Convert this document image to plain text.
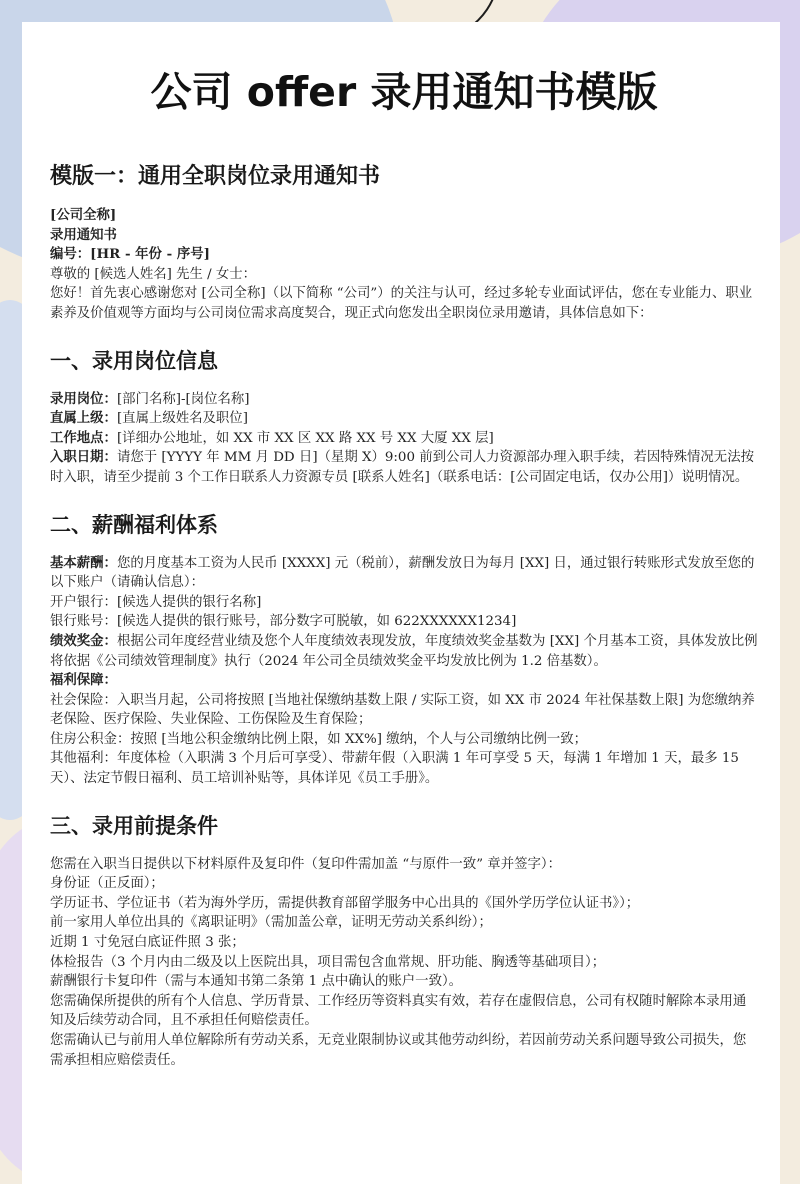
公司 offer 录用通知书模版
模版一：通用全职岗位录用通知书

[公司全称]

录用通知书

编号：[HR - 年份 - 序号]

尊敬的 [候选人姓名] 先生 / 女士：

您好！首先衷心感谢您对 [公司全称]（以下简称 “公司”）的关注与认可，经过多轮专业面试评估，您在专业能力、职业素养及价值观等方面均与公司岗位需求高度契合，现正式向您发出全职岗位录用邀请，具体信息如下：

一、录用岗位信息

录用岗位：[部门名称]-[岗位名称]

直属上级：[直属上级姓名及职位]

工作地点：[详细办公地址，如 XX 市 XX 区 XX 路 XX 号 XX 大厦 XX 层]

入职日期：请您于 [YYYY 年 MM 月 DD 日]（星期 X）9:00 前到公司人力资源部办理入职手续，若因特殊情况无法按时入职，请至少提前 3 个工作日联系人力资源专员 [联系人姓名]（联系电话：[公司固定电话，仅办公用]）说明情况。

二、薪酬福利体系

基本薪酬：您的月度基本工资为人民币 [XXXX] 元（税前），薪酬发放日为每月 [XX] 日，通过银行转账形式发放至您的以下账户（请确认信息）：

开户银行：[候选人提供的银行名称]

银行账号：[候选人提供的银行账号，部分数字可脱敏，如 622XXXXXX1234]

绩效奖金：根据公司年度经营业绩及您个人年度绩效表现发放，年度绩效奖金基数为 [XX] 个月基本工资，具体发放比例将依据《公司绩效管理制度》执行（2024 年公司全员绩效奖金平均发放比例为 1.2 倍基数）。

福利保障：

社会保险：入职当月起，公司将按照 [当地社保缴纳基数上限 / 实际工资，如 XX 市 2024 年社保基数上限] 为您缴纳养老保险、医疗保险、失业保险、工伤保险及生育保险；

住房公积金：按照 [当地公积金缴纳比例上限，如 XX%] 缴纳，个人与公司缴纳比例一致；

其他福利：年度体检（入职满 3 个月后可享受）、带薪年假（入职满 1 年可享受 5 天，每满 1 年增加 1 天，最多 15 天）、法定节假日福利、员工培训补贴等，具体详见《员工手册》。

三、录用前提条件

您需在入职当日提供以下材料原件及复印件（复印件需加盖 “与原件一致” 章并签字）：

身份证（正反面）；

学历证书、学位证书（若为海外学历，需提供教育部留学服务中心出具的《国外学历学位认证书》）；

前一家用人单位出具的《离职证明》（需加盖公章，证明无劳动关系纠纷）；

近期 1 寸免冠白底证件照 3 张；

体检报告（3 个月内由二级及以上医院出具，项目需包含血常规、肝功能、胸透等基础项目）；

薪酬银行卡复印件（需与本通知书第二条第 1 点中确认的账户一致）。

您需确保所提供的所有个人信息、学历背景、工作经历等资料真实有效，若存在虚假信息，公司有权随时解除本录用通知及后续劳动合同，且不承担任何赔偿责任。

您需确认已与前用人单位解除所有劳动关系，无竞业限制协议或其他劳动纠纷，若因前劳动关系问题导致公司损失，您需承担相应赔偿责任。
